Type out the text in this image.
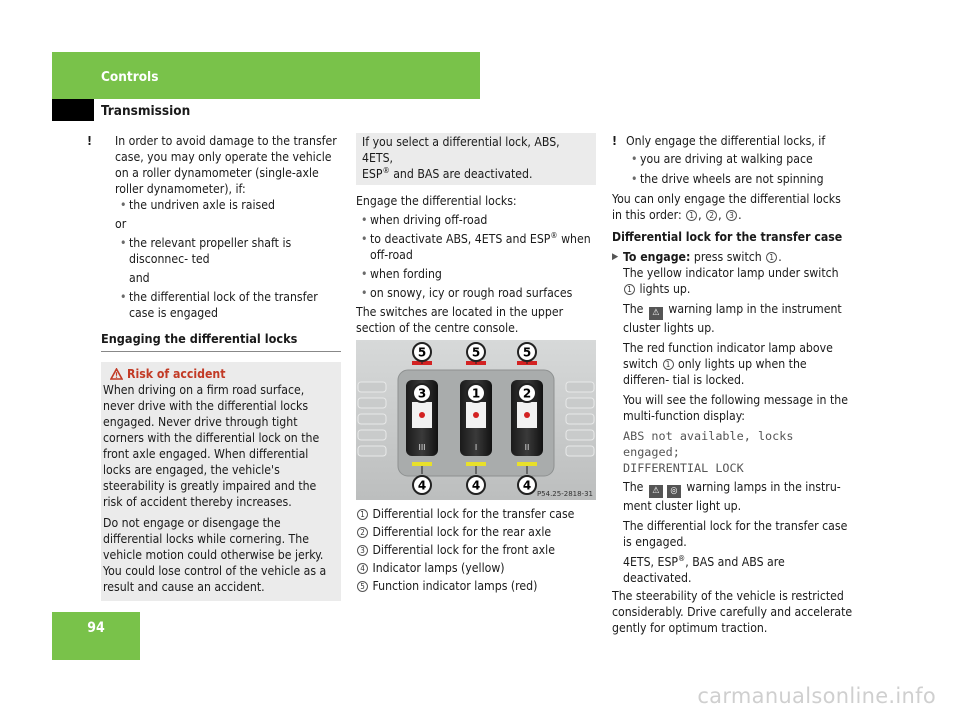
Controls
Transmission

! In order to avoid damage to the transfer case, you may only operate the vehicle on a roller dynamometer (single-axle roller dynamometer), if:

• the undriven axle is raised

or

• the relevant propeller shaft is disconnec- ted

and

• the differential lock of the transfer case is engaged

Engaging the differential locks

Risk of accident

When driving on a firm road surface, never drive with the differential locks engaged. Never drive through tight corners with the differential lock on the front axle engaged. When differential locks are engaged, the vehicle's steerability is greatly impaired and the risk of accident thereby increases.

Do not engage or disengage the differential locks while cornering. The vehicle motion could otherwise be jerky. You could lose control of the vehicle as a result and cause an accident.

If you select a differential lock, ABS, 4ETS,

ESP® and BAS are deactivated.

Engage the differential locks:

• when driving off-road

• to deactivate ABS, 4ETS and ESP® when off-road

• when fording

• on snowy, icy or rough road surfaces

The switches are located in the upper section of the centre console.

III	I	II
5	5	5
3	1	2
4	4	4
P54.25-2818-31

1 Differential lock for the transfer case

2 Differential lock for the rear axle

3 Differential lock for the front axle

4 Indicator lamps (yellow)

5 Function indicator lamps (red)

! Only engage the differential locks, if

• you are driving at walking pace

• the drive wheels are not spinning

You can only engage the differential locks in this order: 1 , 2 , 3 .

Differential lock for the transfer case

▶ To engage: press switch 1 .

The yellow indicator lamp under switch 1 lights up.

The ⚠ warning lamp in the instrument cluster lights up.

The red function indicator lamp above switch 1 only lights up when the differen- tial is locked.

You will see the following message in the multi-function display:

ABS not available, locks engaged;

DIFFERENTIAL LOCK

The ⚠ ◎ warning lamps in the instru- ment cluster light up.

The differential lock for the transfer case is engaged.

4ETS, ESP®, BAS and ABS are deactivated.

The steerability of the vehicle is restricted considerably. Drive carefully and accelerate gently for optimum traction.

94
carmanualsonline.info
